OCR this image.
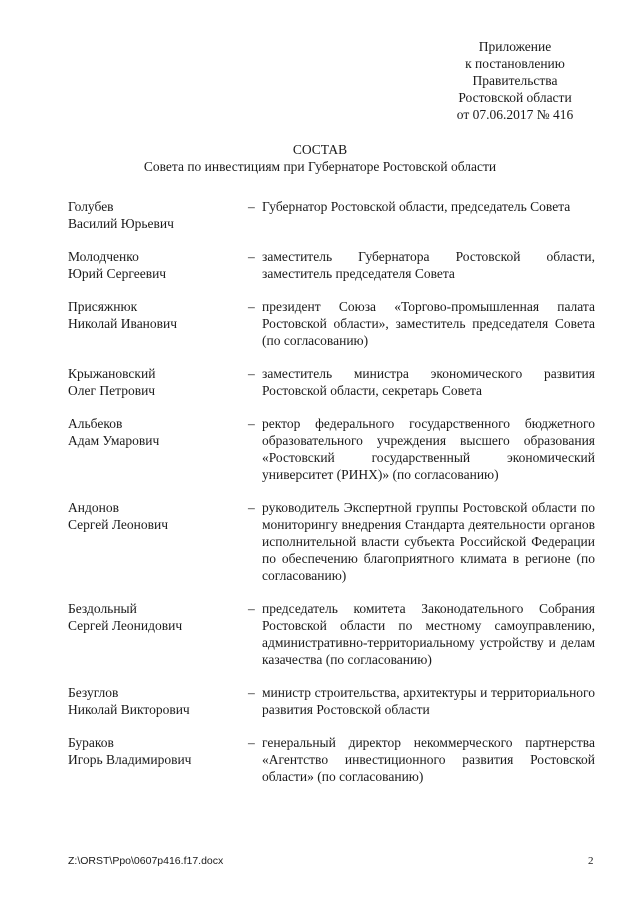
Приложение
к постановлению
Правительства
Ростовской области
от 07.06.2017 № 416
СОСТАВ
Совета по инвестициям при Губернаторе Ростовской области
Голубев
Василий Юрьевич
– Губернатор Ростовской области, председатель Совета
Молодченко
Юрий Сергеевич
– заместитель Губернатора Ростовской области, заместитель председателя Совета
Присяжнюк
Николай Иванович
– президент Союза «Торгово-промышленная палата Ростовской области», заместитель председателя Совета (по согласованию)
Крыжановский
Олег Петрович
– заместитель министра экономического развития Ростовской области, секретарь Совета
Альбеков
Адам Умарович
– ректор федерального государственного бюджетного образовательного учреждения высшего образования «Ростовский государственный экономический университет (РИНХ)» (по согласованию)
Андонов
Сергей Леонович
– руководитель Экспертной группы Ростовской области по мониторингу внедрения Стандарта деятельности органов исполнительной власти субъекта Российской Федерации по обеспечению благоприятного климата в регионе (по согласованию)
Бездольный
Сергей Леонидович
– председатель комитета Законодательного Собрания Ростовской области по местному самоуправлению, административно-территориальному устройству и делам казачества (по согласованию)
Безуглов
Николай Викторович
– министр строительства, архитектуры и территориального развития Ростовской области
Бураков
Игорь Владимирович
– генеральный директор некоммерческого партнерства «Агентство инвестиционного развития Ростовской области» (по согласованию)
Z:\ORST\Ppo\0607p416.f17.docx	2
